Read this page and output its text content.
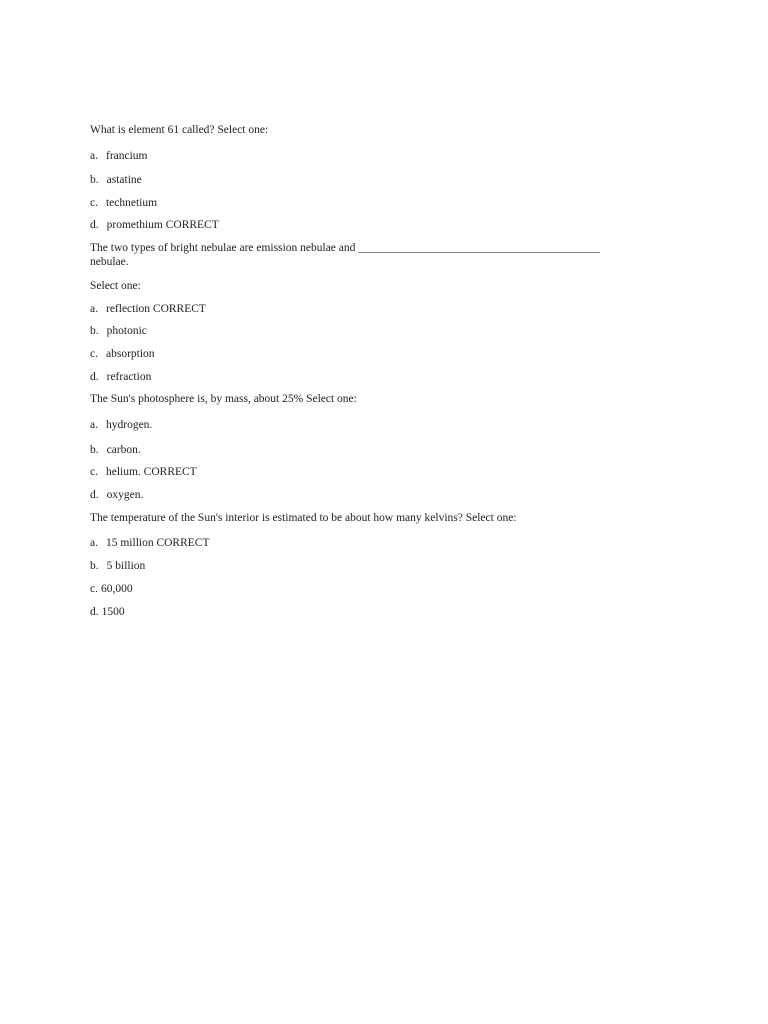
What is element 61 called? Select one:
a. francium
b. astatine
c. technetium
d. promethium CORRECT
The two types of bright nebulae are emission nebulae and __________________________________________ nebulae.
Select one:
a. reflection CORRECT
b. photonic
c. absorption
d. refraction
The Sun's photosphere is, by mass, about 25% Select one:
a. hydrogen.
b. carbon.
c. helium. CORRECT
d. oxygen.
The temperature of the Sun's interior is estimated to be about how many kelvins? Select one:
a. 15 million CORRECT
b. 5 billion
c. 60,000
d. 1500
